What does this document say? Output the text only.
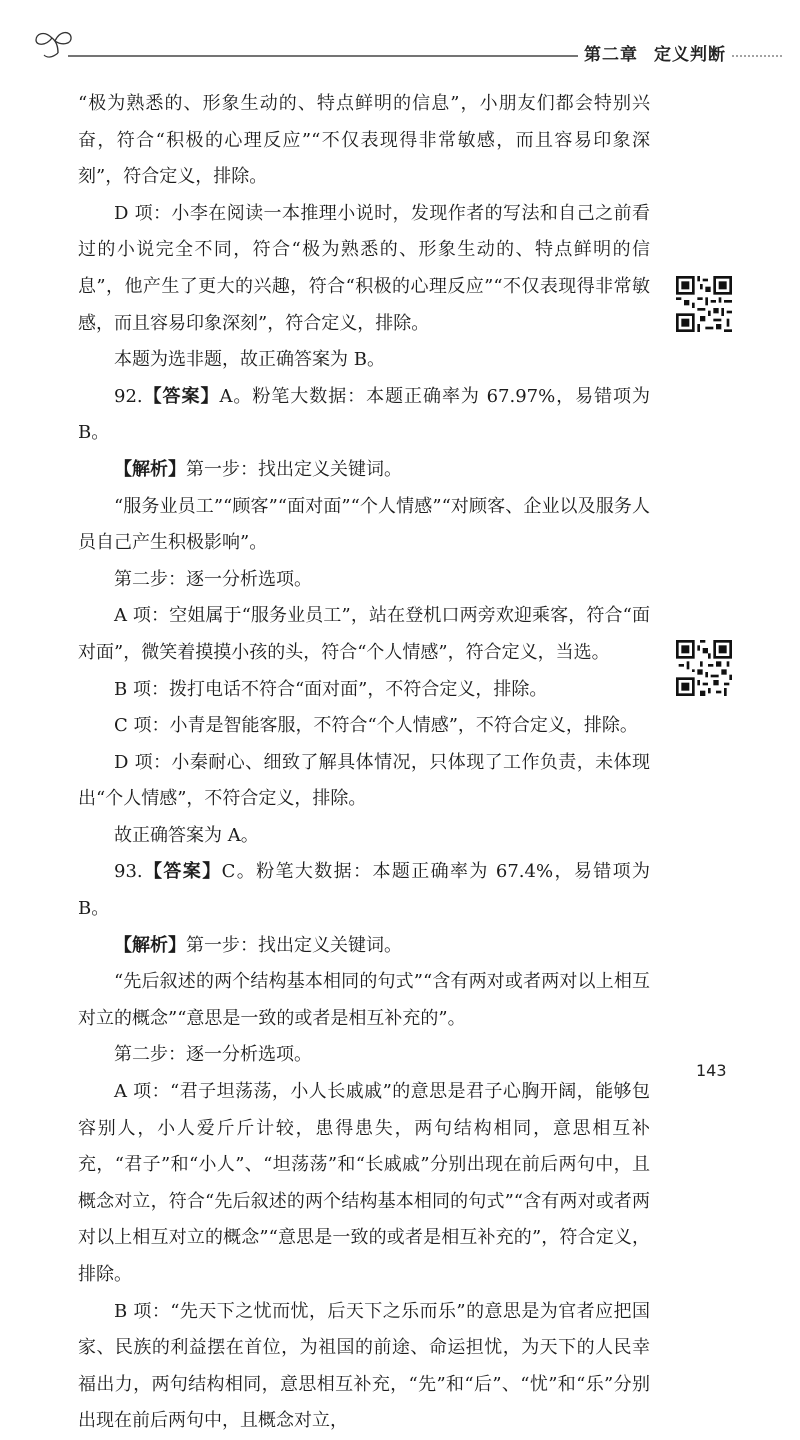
第二章 定义判断

“极为熟悉的、形象生动的、特点鲜明的信息”，小朋友们都会特别兴奋，符合“积极的心理反应”“不仅表现得非常敏感，而且容易印象深刻”，符合定义，排除。

D 项：小李在阅读一本推理小说时，发现作者的写法和自己之前看过的小说完全不同，符合“极为熟悉的、形象生动的、特点鲜明的信息”，他产生了更大的兴趣，符合“积极的心理反应”“不仅表现得非常敏感，而且容易印象深刻”，符合定义，排除。

本题为选非题，故正确答案为 B。

92.【答案】A。粉笔大数据：本题正确率为 67.97%，易错项为 B。

【解析】第一步：找出定义关键词。

“服务业员工”“顾客”“面对面”“个人情感”“对顾客、企业以及服务人员自己产生积极影响”。

第二步：逐一分析选项。

A 项：空姐属于“服务业员工”，站在登机口两旁欢迎乘客，符合“面对面”，微笑着摸摸小孩的头，符合“个人情感”，符合定义，当选。

B 项：拨打电话不符合“面对面”，不符合定义，排除。

C 项：小青是智能客服，不符合“个人情感”，不符合定义，排除。

D 项：小秦耐心、细致了解具体情况，只体现了工作负责，未体现出“个人情感”，不符合定义，排除。

故正确答案为 A。

93.【答案】C。粉笔大数据：本题正确率为 67.4%，易错项为 B。

【解析】第一步：找出定义关键词。

“先后叙述的两个结构基本相同的句式”“含有两对或者两对以上相互对立的概念”“意思是一致的或者是相互补充的”。

第二步：逐一分析选项。

A 项：“君子坦荡荡，小人长戚戚”的意思是君子心胸开阔，能够包容别人，小人爱斤斤计较，患得患失，两句结构相同，意思相互补充，“君子”和“小人”、“坦荡荡”和“长戚戚”分别出现在前后两句中，且概念对立，符合“先后叙述的两个结构基本相同的句式”“含有两对或者两对以上相互对立的概念”“意思是一致的或者是相互补充的”，符合定义，排除。

B 项：“先天下之忧而忧，后天下之乐而乐”的意思是为官者应把国家、民族的利益摆在首位，为祖国的前途、命运担忧，为天下的人民幸福出力，两句结构相同，意思相互补充，“先”和“后”、“忧”和“乐”分别出现在前后两句中，且概念对立，

143
